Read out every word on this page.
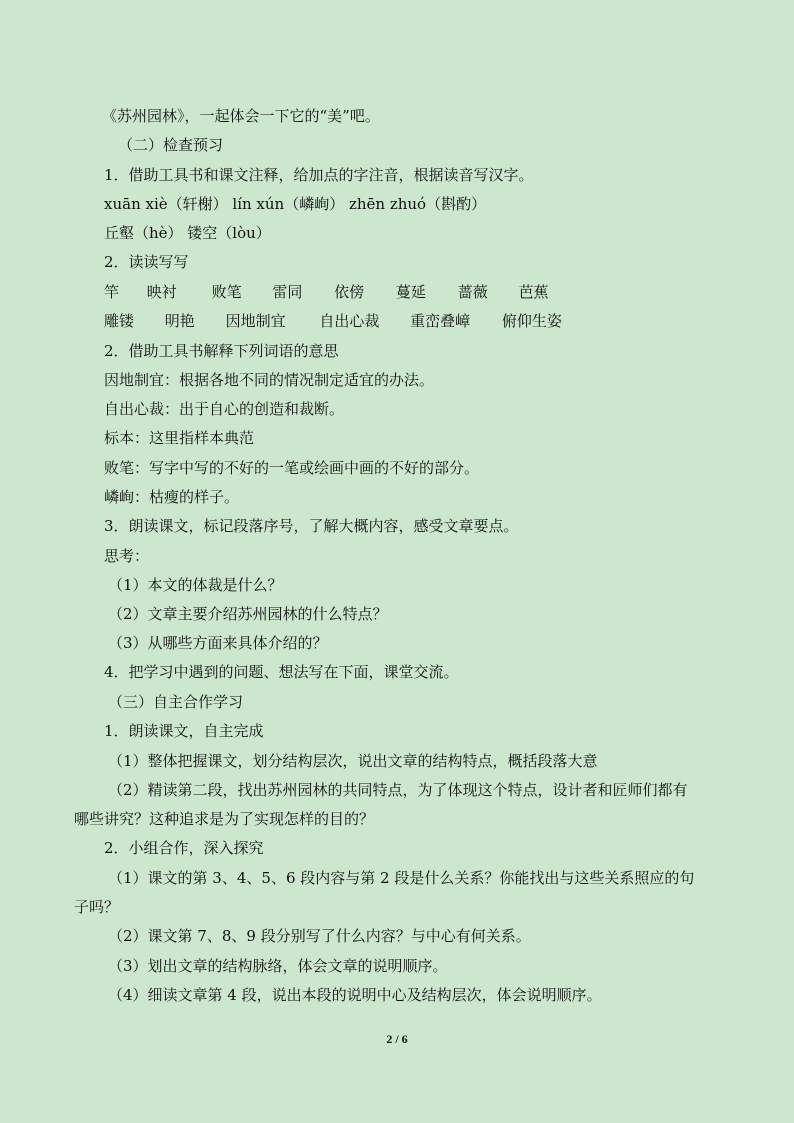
《苏州园林》，一起体会一下它的“美”吧。
（二）检查预习
1．借助工具书和课文注释，给加点的字注音，根据读音写汉字。
xuān xiè（轩榭） lín xún（嶙峋） zhēn zhuó（斟酌）
丘壑（hè） 镂空（lòu）
2．读读写写
竿 映衬 败笔 雷同 依傍 蔓延 蔷薇 芭蕉
雕镂 明艳 因地制宜 自出心裁 重峦叠嶂 俯仰生姿
2．借助工具书解释下列词语的意思
因地制宜：根据各地不同的情况制定适宜的办法。
自出心裁：出于自心的创造和裁断。
标本：这里指样本典范
败笔：写字中写的不好的一笔或绘画中画的不好的部分。
嶙峋：枯瘦的样子。
3．朗读课文，标记段落序号，了解大概内容，感受文章要点。
思考：
（1）本文的体裁是什么？
（2）文章主要介绍苏州园林的什么特点？
（3）从哪些方面来具体介绍的？
4．把学习中遇到的问题、想法写在下面，课堂交流。
（三）自主合作学习
1．朗读课文，自主完成
（1）整体把握课文，划分结构层次，说出文章的结构特点，概括段落大意
（2）精读第二段，找出苏州园林的共同特点，为了体现这个特点，设计者和匠师们都有
哪些讲究？这种追求是为了实现怎样的目的？
2．小组合作，深入探究
（1）课文的第 3、4、5、6 段内容与第 2 段是什么关系？你能找出与这些关系照应的句
子吗？
（2）课文第 7、8、9 段分别写了什么内容？与中心有何关系。
（3）划出文章的结构脉络，体会文章的说明顺序。
（4）细读文章第 4 段，说出本段的说明中心及结构层次，体会说明顺序。
2 / 6
